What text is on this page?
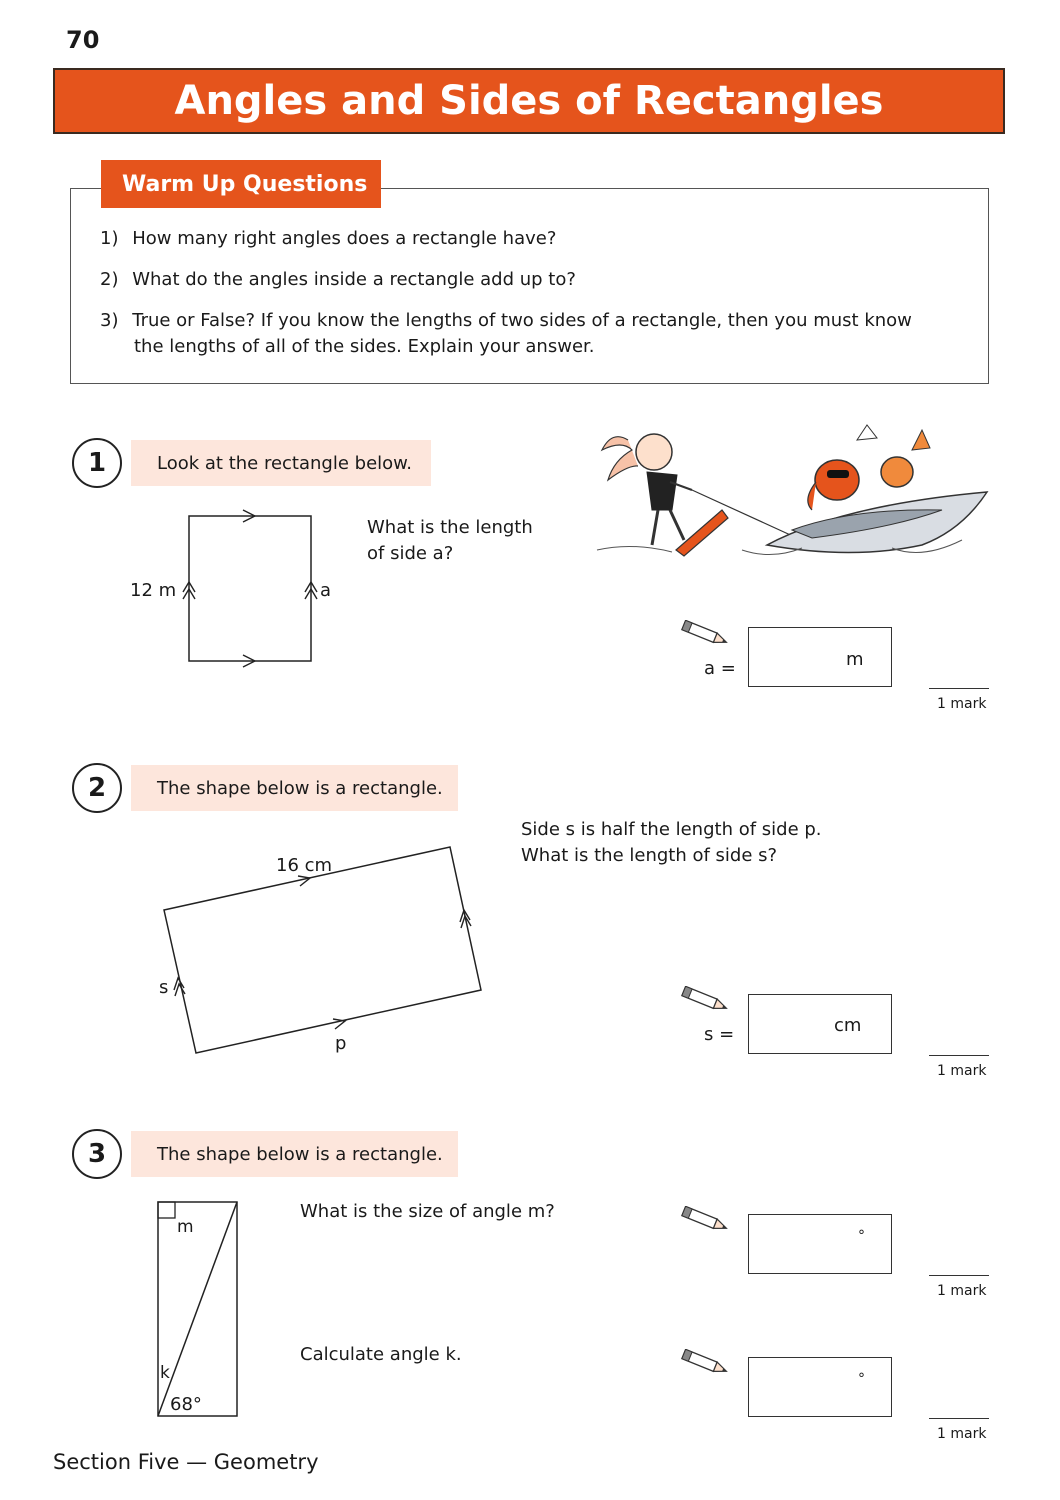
70
Angles and Sides of Rectangles
Warm Up Questions
1) How many right angles does a rectangle have?
2) What do the angles inside a rectangle add up to?
3) True or False? If you know the lengths of two sides of a rectangle, then you must know
the lengths of all of the sides. Explain your answer.
1	Look at the rectangle below.
12 m	a
What is the length
of side a?
a =	m
1 mark
2	The shape below is a rectangle.
Side s is half the length of side p.
What is the length of side s?
16 cm
s
p	s =	cm
1 mark
3	The shape below is a rectangle.
m
k
68°
What is the size of angle m?
Calculate angle k.
°
1 mark
°
1 mark
Section Five — Geometry
